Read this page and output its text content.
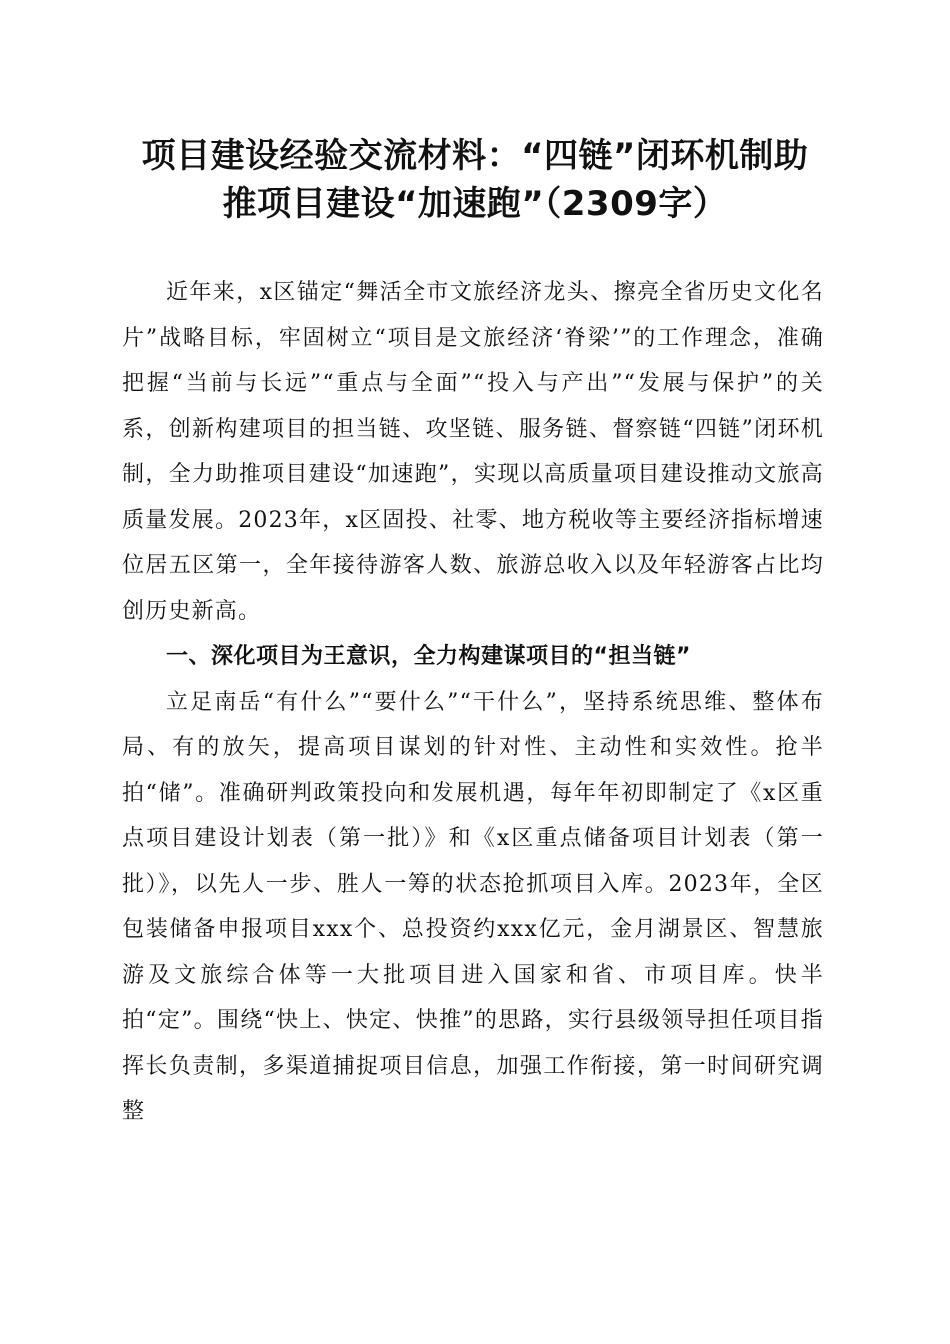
项目建设经验交流材料：“四链”闭环机制助
推项目建设“加速跑”（2309字）

近年来，x区锚定“舞活全市文旅经济龙头、擦亮全省历史文化名片”战略目标，牢固树立“项目是文旅经济‘脊梁’”的工作理念，准确把握“当前与长远”“重点与全面”“投入与产出”“发展与保护”的关系，创新构建项目的担当链、攻坚链、服务链、督察链“四链”闭环机制，全力助推项目建设“加速跑”，实现以高质量项目建设推动文旅高质量发展。2023年，x区固投、社零、地方税收等主要经济指标增速位居五区第一，全年接待游客人数、旅游总收入以及年轻游客占比均创历史新高。

一、深化项目为王意识，全力构建谋项目的“担当链”

立足南岳“有什么”“要什么”“干什么”，坚持系统思维、整体布局、有的放矢，提高项目谋划的针对性、主动性和实效性。抢半拍“储”。准确研判政策投向和发展机遇，每年年初即制定了《x区重点项目建设计划表（第一批）》和《x区重点储备项目计划表（第一批）》，以先人一步、胜人一筹的状态抢抓项目入库。2023年，全区包装储备申报项目xxx个、总投资约xxx亿元，金月湖景区、智慧旅游及文旅综合体等一大批项目进入国家和省、市项目库。快半拍“定”。围绕“快上、快定、快推”的思路，实行县级领导担任项目指挥长负责制，多渠道捕捉项目信息，加强工作衔接，第一时间研究调整
